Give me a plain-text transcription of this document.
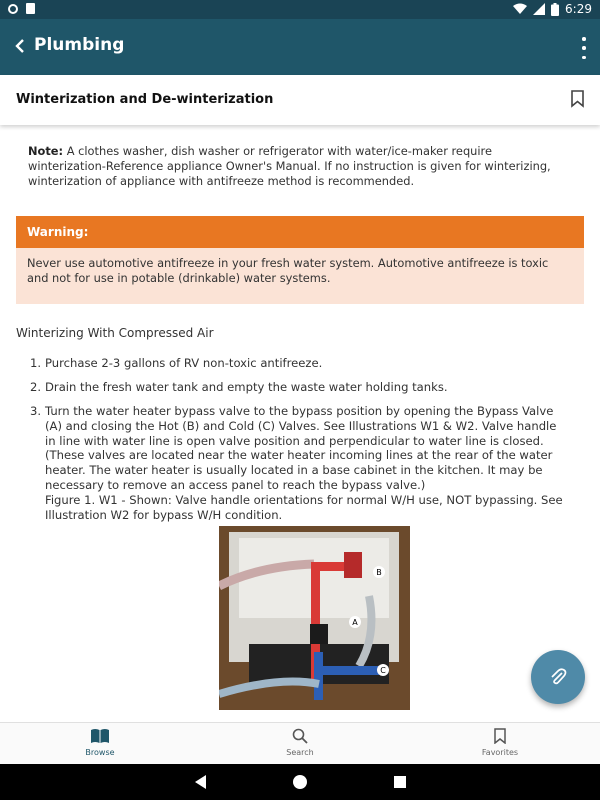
6:29
Plumbing
Winterization and De-winterization
Note: A clothes washer, dish washer or refrigerator with water/ice-maker require winterization-Reference appliance Owner's Manual. If no instruction is given for winterizing, winterization of appliance with antifreeze method is recommended.
Warning:
Never use automotive antifreeze in your fresh water system. Automotive antifreeze is toxic and not for use in potable (drinkable) water systems.
Winterizing With Compressed Air
1. Purchase 2-3 gallons of RV non-toxic antifreeze.
2. Drain the fresh water tank and empty the waste water holding tanks.
3. Turn the water heater bypass valve to the bypass position by opening the Bypass Valve (A) and closing the Hot (B) and Cold (C) Valves. See Illustrations W1 & W2. Valve handle in line with water line is open valve position and perpendicular to water line is closed. (These valves are located near the water heater incoming lines at the rear of the water heater. The water heater is usually located in a base cabinet in the kitchen. It may be necessary to remove an access panel to reach the bypass valve.)
Figure 1. W1 - Shown: Valve handle orientations for normal W/H use, NOT bypassing. See Illustration W2 for bypass W/H condition.
B
A
C
Browse	Search	Favorites
